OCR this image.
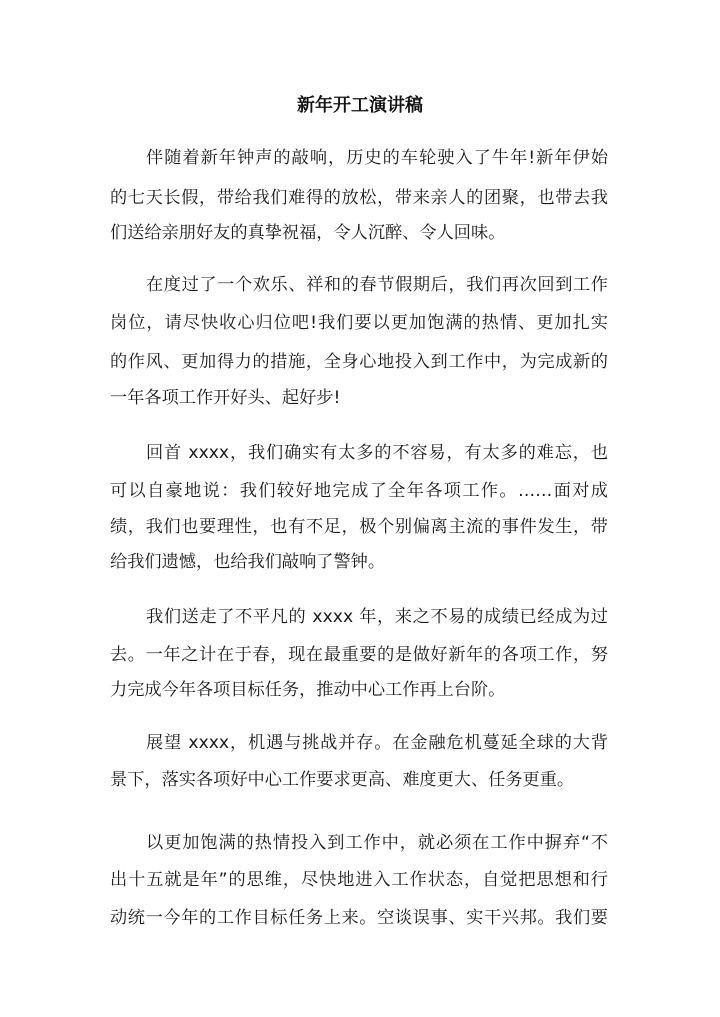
新年开工演讲稿
伴随着新年钟声的敲响，历史的车轮驶入了牛年!新年伊始
的七天长假，带给我们难得的放松，带来亲人的团聚，也带去我
们送给亲朋好友的真挚祝福，令人沉醉、令人回味。
在度过了一个欢乐、祥和的春节假期后，我们再次回到工作
岗位，请尽快收心归位吧!我们要以更加饱满的热情、更加扎实
的作风、更加得力的措施，全身心地投入到工作中，为完成新的
一年各项工作开好头、起好步!
回首 xxxx，我们确实有太多的不容易，有太多的难忘，也
可以自豪地说：我们较好地完成了全年各项工作。……面对成
绩，我们也要理性，也有不足，极个别偏离主流的事件发生，带
给我们遗憾，也给我们敲响了警钟。
我们送走了不平凡的 xxxx 年，来之不易的成绩已经成为过
去。一年之计在于春，现在最重要的是做好新年的各项工作，努
力完成今年各项目标任务，推动中心工作再上台阶。
展望 xxxx，机遇与挑战并存。在金融危机蔓延全球的大背
景下，落实各项好中心工作要求更高、难度更大、任务更重。
以更加饱满的热情投入到工作中，就必须在工作中摒弃“不
出十五就是年”的思维，尽快地进入工作状态，自觉把思想和行
动统一今年的工作目标任务上来。空谈误事、实干兴邦。我们要
